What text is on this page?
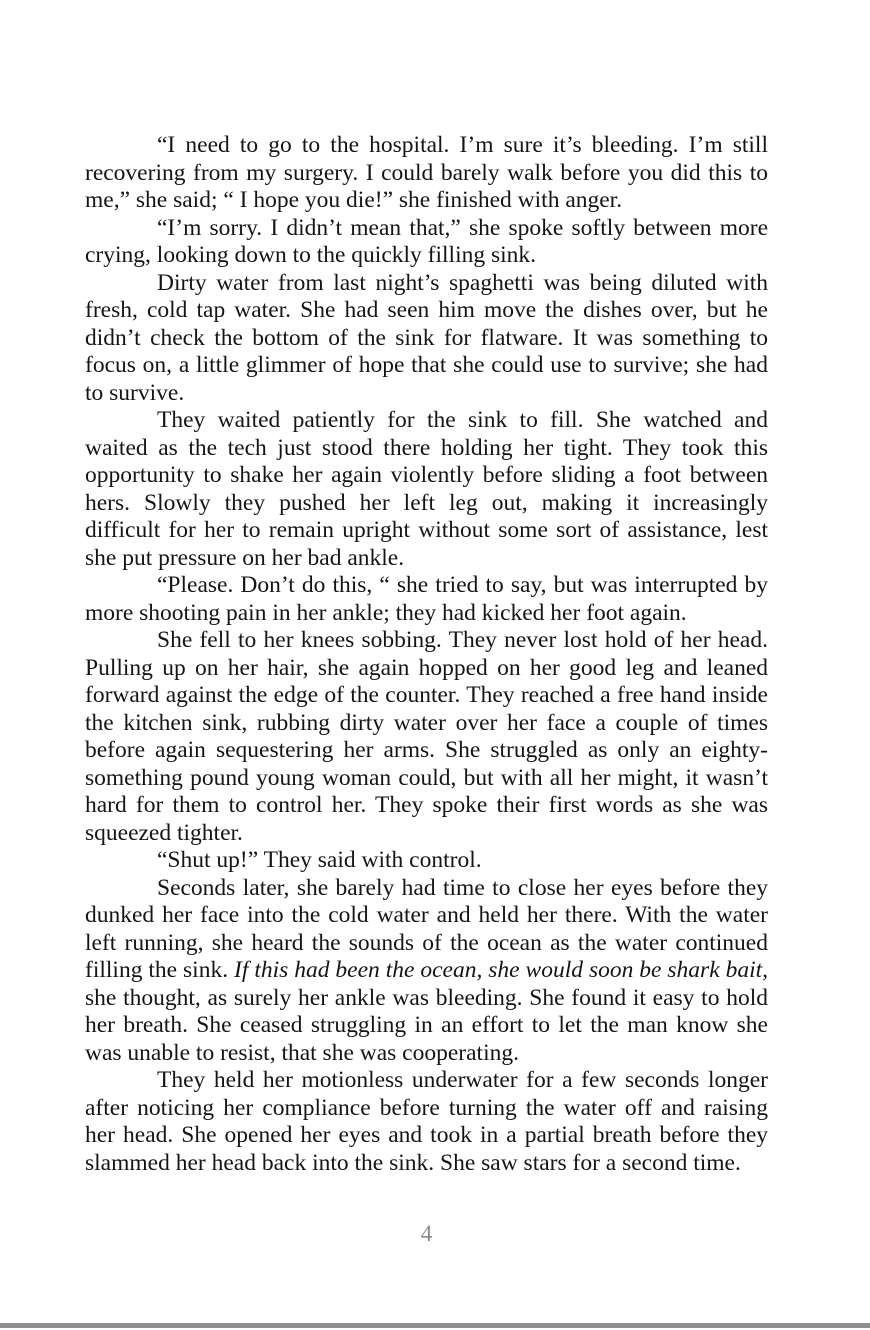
“I need to go to the hospital. I’m sure it’s bleeding. I’m still
recovering from my surgery. I could barely walk before you did this to
me,” she said; “ I hope you die!” she finished with anger.
“I’m sorry. I didn’t mean that,” she spoke softly between more
crying, looking down to the quickly filling sink.
Dirty water from last night’s spaghetti was being diluted with
fresh, cold tap water. She had seen him move the dishes over, but he
didn’t check the bottom of the sink for flatware. It was something to
focus on, a little glimmer of hope that she could use to survive; she had
to survive.
They waited patiently for the sink to fill. She watched and
waited as the tech just stood there holding her tight. They took this
opportunity to shake her again violently before sliding a foot between
hers. Slowly they pushed her left leg out, making it increasingly
difficult for her to remain upright without some sort of assistance, lest
she put pressure on her bad ankle.
“Please. Don’t do this, “ she tried to say, but was interrupted by
more shooting pain in her ankle; they had kicked her foot again.
She fell to her knees sobbing. They never lost hold of her head.
Pulling up on her hair, she again hopped on her good leg and leaned
forward against the edge of the counter. They reached a free hand inside
the kitchen sink, rubbing dirty water over her face a couple of times
before again sequestering her arms. She struggled as only an eighty-
something pound young woman could, but with all her might, it wasn’t
hard for them to control her. They spoke their first words as she was
squeezed tighter.
“Shut up!” They said with control.
Seconds later, she barely had time to close her eyes before they
dunked her face into the cold water and held her there. With the water
left running, she heard the sounds of the ocean as the water continued
filling the sink. If this had been the ocean, she would soon be shark bait,
she thought, as surely her ankle was bleeding. She found it easy to hold
her breath. She ceased struggling in an effort to let the man know she
was unable to resist, that she was cooperating.
They held her motionless underwater for a few seconds longer
after noticing her compliance before turning the water off and raising
her head. She opened her eyes and took in a partial breath before they
slammed her head back into the sink. She saw stars for a second time.
4
